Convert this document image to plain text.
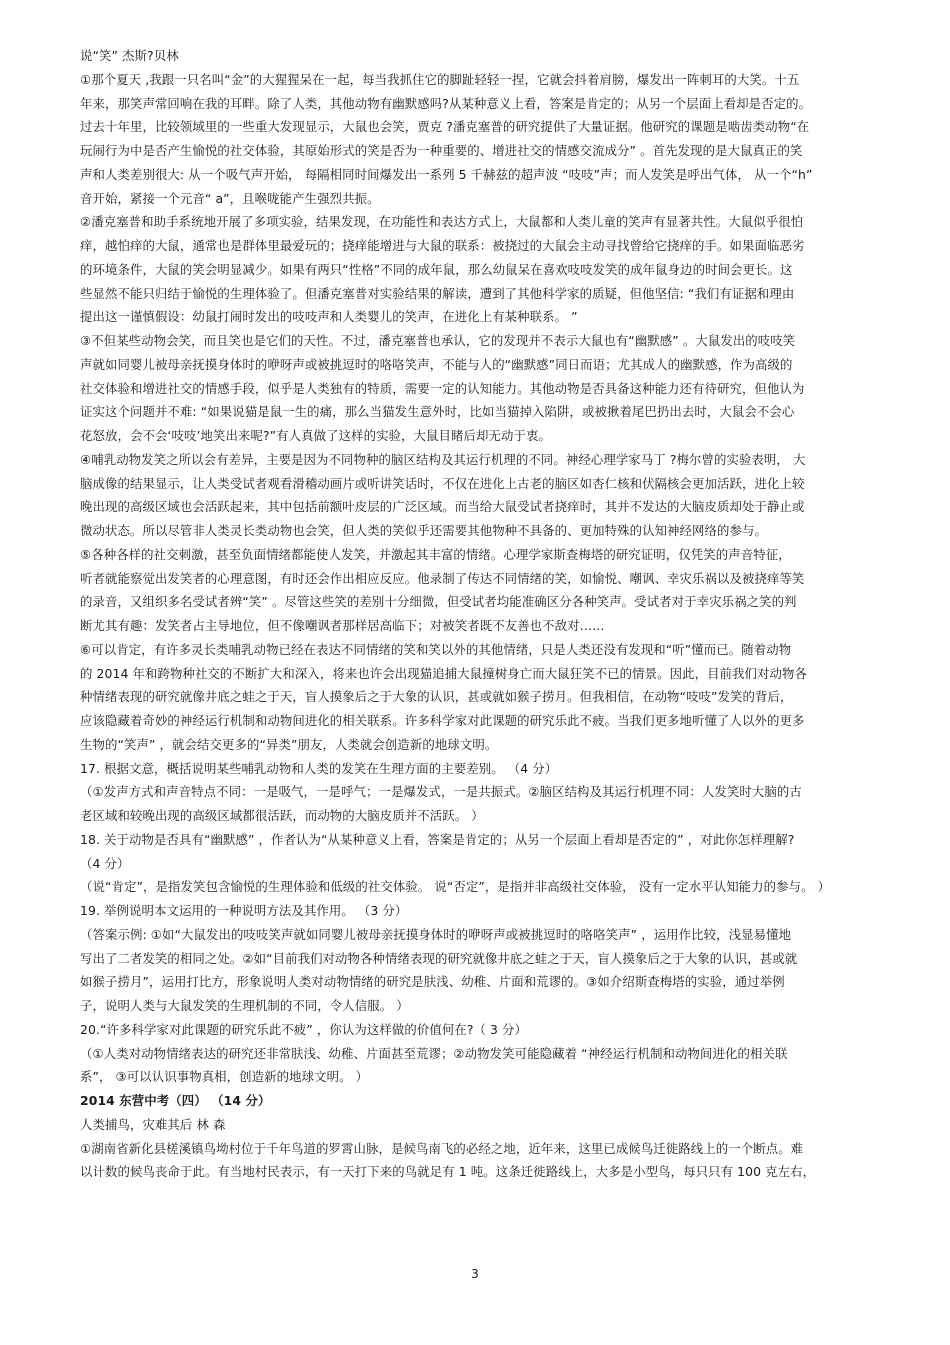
说“笑” 杰斯?贝林
①那个夏天 ,我跟一只名叫“金”的大猩猩呆在一起，每当我抓住它的脚趾轻轻一捏，它就会抖着肩膀，爆发出一阵刺耳的大笑。十五
年来，那笑声常回响在我的耳畔。除了人类，其他动物有幽默感吗?从某种意义上看，答案是肯定的；从另一个层面上看却是否定的。
过去十年里，比较领域里的一些重大发现显示，大鼠也会笑，贾克 ?潘克塞普的研究提供了大量证据。他研究的课题是啮齿类动物“在
玩闹行为中是否产生愉悦的社交体验，其原始形式的笑是否为一种重要的、增进社交的情感交流成分” 。首先发现的是大鼠真正的笑
声和人类差别很大: 从一个吸气声开始， 每隔相同时间爆发出一系列 5 千赫兹的超声波 “吱吱”声；而人发笑是呼出气体， 从一个“h”
音开始，紧接一个元音“ a”，且喉咙能产生强烈共振。
②潘克塞普和助手系统地开展了多项实验，结果发现，在功能性和表达方式上，大鼠都和人类儿童的笑声有显著共性。大鼠似乎很怕
痒，越怕痒的大鼠，通常也是群体里最爱玩的；挠痒能增进与大鼠的联系：被挠过的大鼠会主动寻找曾给它挠痒的手。如果面临恶劣
的环境条件，大鼠的笑会明显减少。如果有两只“性格”不同的成年鼠，那么幼鼠呆在喜欢吱吱发笑的成年鼠身边的时间会更长。这
些显然不能只归结于愉悦的生理体验了。但潘克塞普对实验结果的解读，遭到了其他科学家的质疑，但他坚信: “我们有证据和理由
提出这一谨慎假设：幼鼠打闹时发出的吱吱声和人类婴儿的笑声，在进化上有某种联系。 ”
③不但某些动物会笑，而且笑也是它们的天性。不过，潘克塞普也承认，它的发现并不表示大鼠也有“幽默感” 。大鼠发出的吱吱笑
声就如同婴儿被母亲抚摸身体时的咿呀声或被挑逗时的咯咯笑声，不能与人的“幽默感”同日而语；尤其成人的幽默感，作为高级的
社交体验和增进社交的情感手段，似乎是人类独有的特质，需要一定的认知能力。其他动物是否具备这种能力还有待研究，但他认为
证实这个问题并不难: “如果说猫是鼠一生的痛，那么当猫发生意外时，比如当猫掉入陷阱，或被揪着尾巴扔出去时，大鼠会不会心
花怒放，会不会‘吱吱’地笑出来呢?”有人真做了这样的实验，大鼠目睹后却无动于衷。
④哺乳动物发笑之所以会有差异，主要是因为不同物种的脑区结构及其运行机理的不同。神经心理学家马丁 ?梅尔曾的实验表明， 大
脑成像的结果显示，让人类受试者观看滑稽动画片或听讲笑话时，不仅在进化上古老的脑区如杏仁核和伏隔核会更加活跃，进化上较
晚出现的高级区域也会活跃起来，其中包括前额叶皮层的广泛区域。而当给大鼠受试者挠痒时，其并不发达的大脑皮质却处于静止或
微动状态。所以尽管非人类灵长类动物也会笑，但人类的笑似乎还需要其他物种不具备的、更加特殊的认知神经网络的参与。
⑤各种各样的社交刺激，甚至负面情绪都能使人发笑，并激起其丰富的情绪。心理学家斯查梅塔的研究证明，仅凭笑的声音特征，
听者就能察觉出发笑者的心理意图，有时还会作出相应反应。他录制了传达不同情绪的笑，如愉悦、嘲讽、幸灾乐祸以及被挠痒等笑
的录音，又组织多名受试者辨“笑” 。尽管这些笑的差别十分细微，但受试者均能准确区分各种笑声。受试者对于幸灾乐祸之笑的判
断尤其有趣：发笑者占主导地位，但不像嘲讽者那样居高临下；对被笑者既不友善也不敌对……
⑥可以肯定，有许多灵长类哺乳动物已经在表达不同情绪的笑和笑以外的其他情绪，只是人类还没有发现和“听”懂而已。随着动物
的 2014 年和跨物种社交的不断扩大和深入，将来也许会出现猫追捕大鼠撞树身亡而大鼠狂笑不已的情景。因此，目前我们对动物各
种情绪表现的研究就像井底之蛙之于天，盲人摸象后之于大象的认识，甚或就如猴子捞月。但我相信，在动物“吱吱”发笑的背后，
应该隐藏着奇妙的神经运行机制和动物间进化的相关联系。许多科学家对此课题的研究乐此不疲。当我们更多地听懂了人以外的更多
生物的“笑声” ，就会结交更多的“异类”朋友，人类就会创造新的地球文明。
17. 根据文意，概括说明某些哺乳动物和人类的发笑在生理方面的主要差别。 （4 分）
（①发声方式和声音特点不同：一是吸气，一是呼气；一是爆发式，一是共振式。②脑区结构及其运行机理不同：人发笑时大脑的古
老区域和较晚出现的高级区域都很活跃，而动物的大脑皮质并不活跃。 ）
18. 关于动物是否具有“幽默感” ，作者认为“从某种意义上看，答案是肯定的；从另一个层面上看却是否定的” ，对此你怎样理解?
（4 分）
（说“肯定”，是指发笑包含愉悦的生理体验和低级的社交体验。 说“否定”，是指并非高级社交体验， 没有一定水平认知能力的参与。 ）
19. 举例说明本文运用的一种说明方法及其作用。 （3 分）
（答案示例: ①如“大鼠发出的吱吱笑声就如同婴儿被母亲抚摸身体时的咿呀声或被挑逗时的咯咯笑声” ，运用作比较，浅显易懂地
写出了二者发笑的相同之处。②如“目前我们对动物各种情绪表现的研究就像井底之蛙之于天，盲人摸象后之于大象的认识，甚或就
如猴子捞月”，运用打比方，形象说明人类对动物情绪的研究是肤浅、幼稚、片面和荒谬的。③如介绍斯查梅塔的实验，通过举例
子，说明人类与大鼠发笑的生理机制的不同，令人信服。 ）
20.“许多科学家对此课题的研究乐此不疲” ，你认为这样做的价值何在?（ 3 分）
（①人类对动物情绪表达的研究还非常肤浅、幼稚、片面甚至荒谬；②动物发笑可能隐藏着 “神经运行机制和动物间进化的相关联
系”， ③可以认识事物真相，创造新的地球文明。 ）
2014 东营中考（四） （14 分）
人类捕鸟，灾难其后 林 森
①湖南省新化县槎溪镇鸟坳村位于千年鸟道的罗霄山脉，是候鸟南飞的必经之地，近年来，这里已成候鸟迁徙路线上的一个断点。难
以计数的候鸟丧命于此。有当地村民表示，有一天打下来的鸟就足有 1 吨。这条迁徙路线上，大多是小型鸟，每只只有 100 克左右，
3
